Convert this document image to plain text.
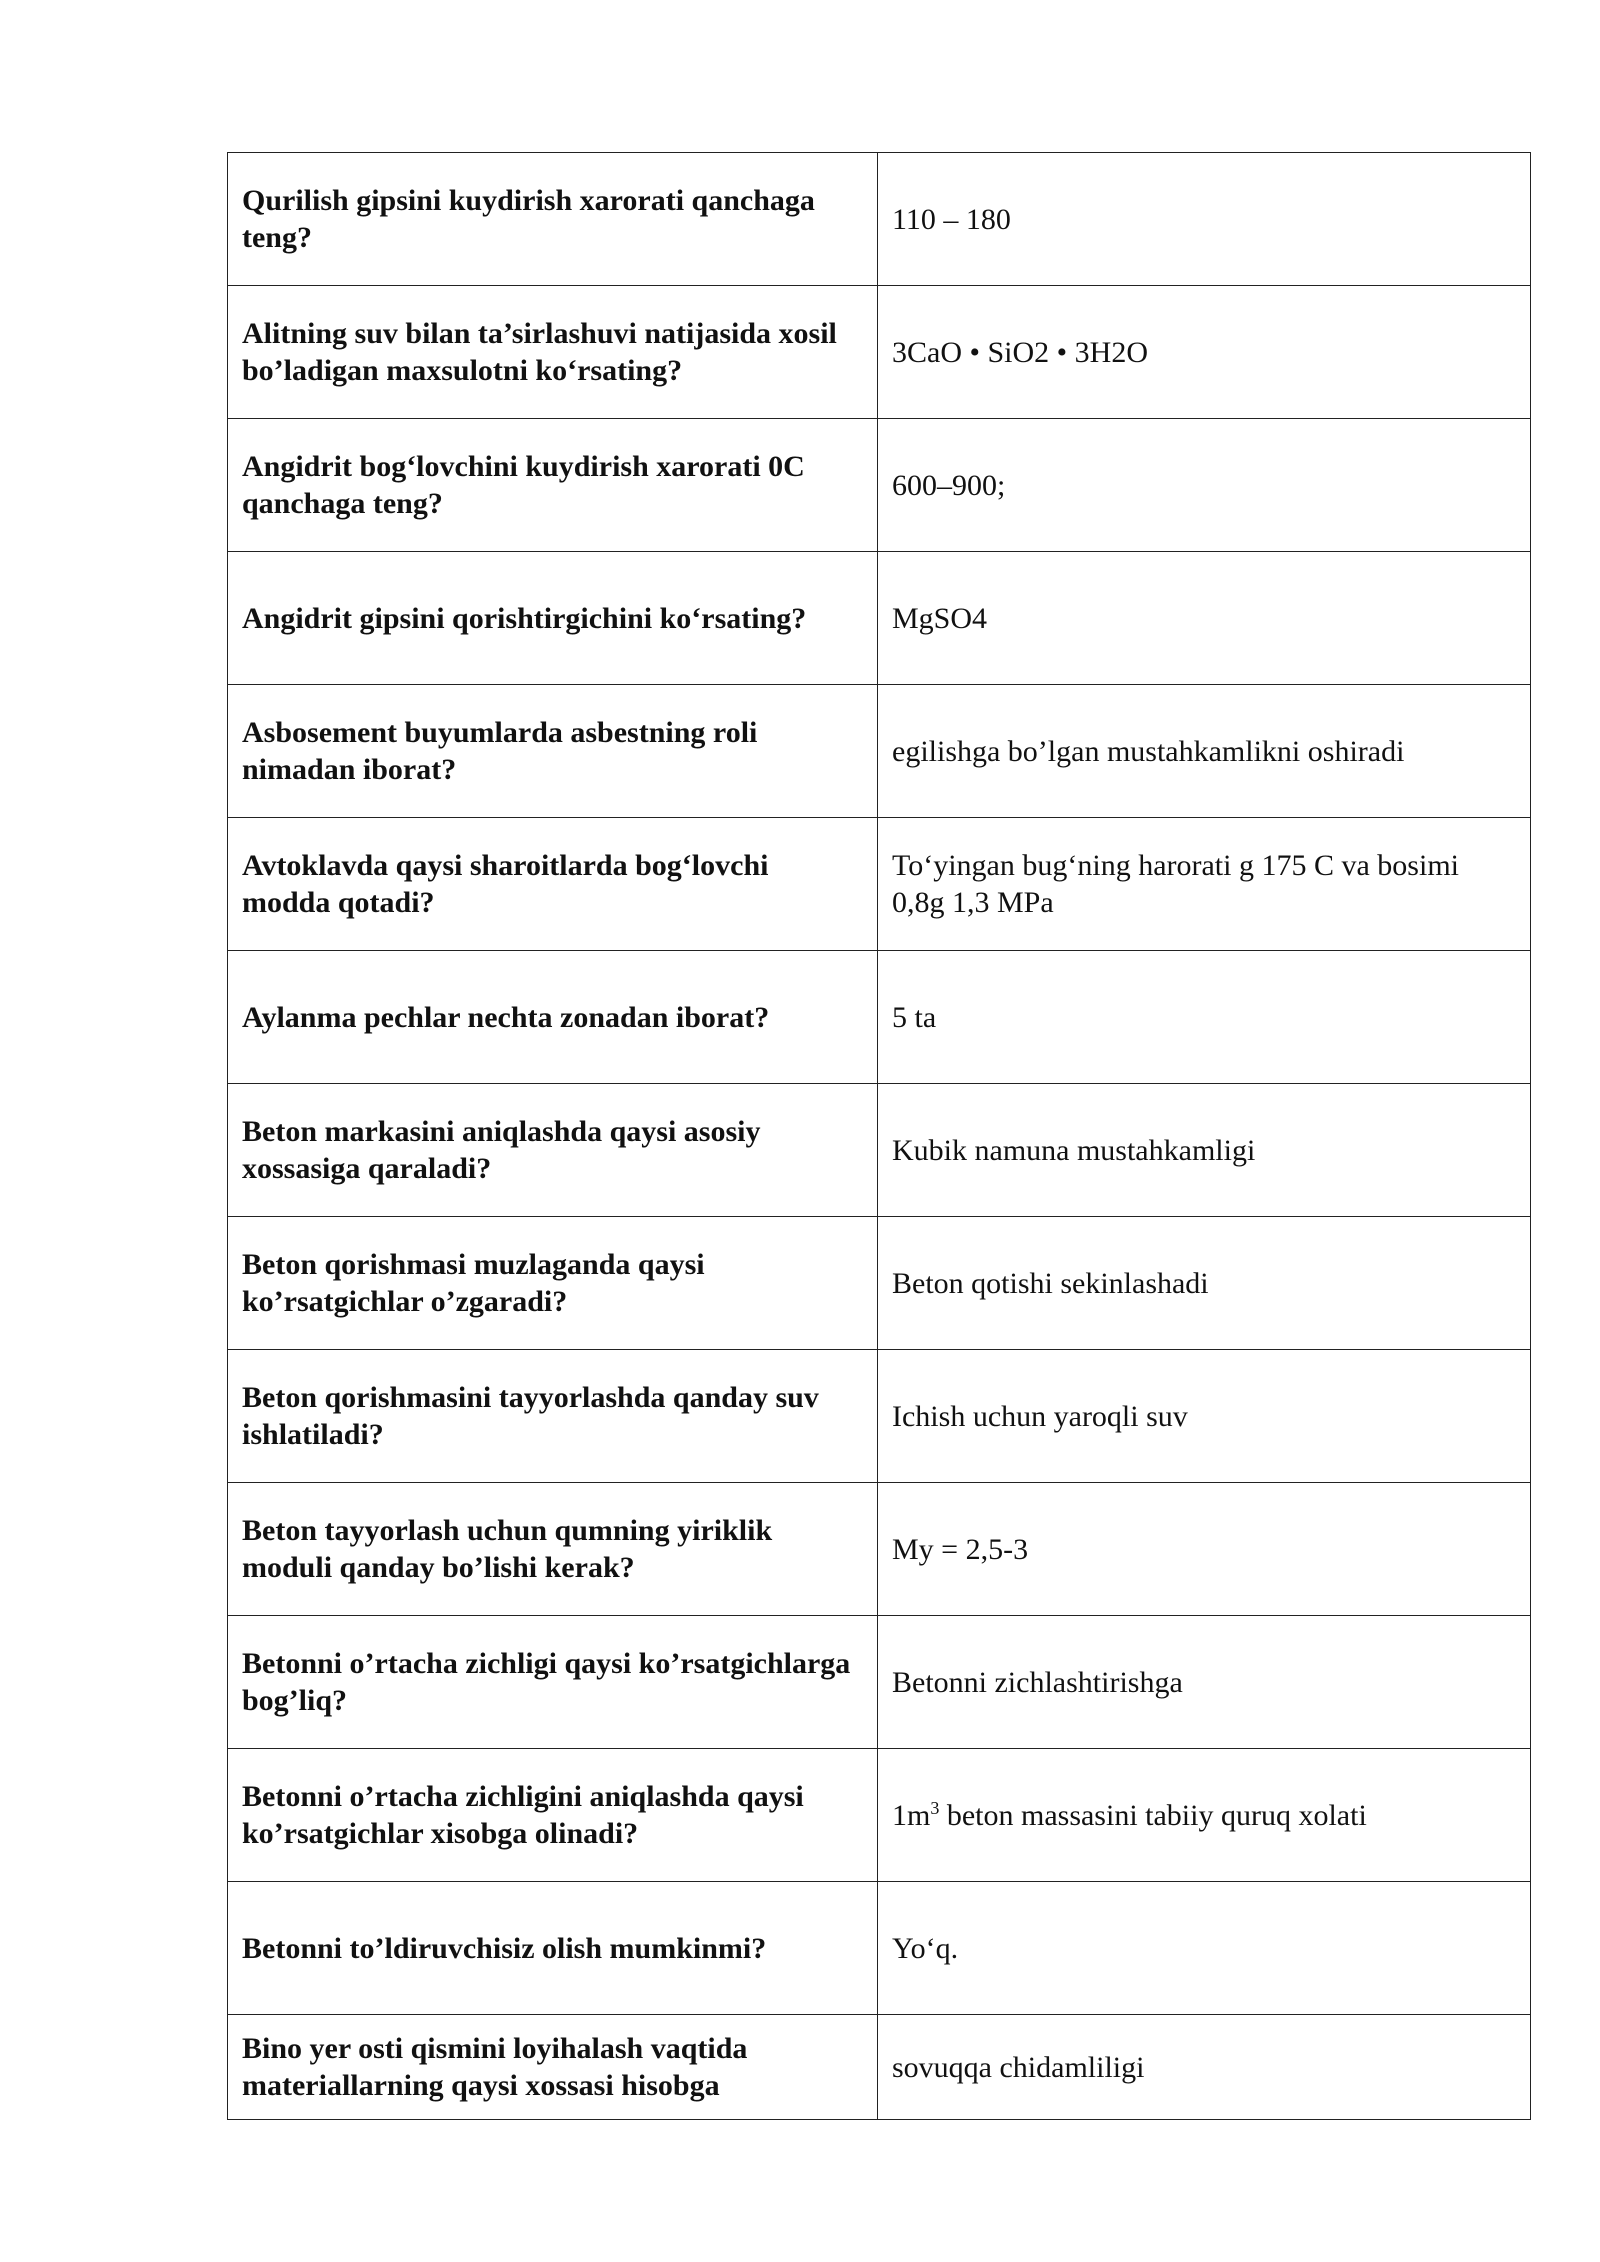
Qurilish gipsini kuydirish xarorati qanchaga teng?	110 – 180
Alitning suv bilan ta’sirlashuvi natijasida xosil bo’ladigan maxsulotni ko‘rsating?	3CaO • SiO2 • 3H2O
Angidrit bog‘lovchini kuydirish xarorati 0C qanchaga teng?	600–900;
Angidrit gipsini qorishtirgichini ko‘rsating?	MgSO4
Asbosement buyumlarda asbestning roli nimadan iborat?	egilishga bo’lgan mustahkamlikni oshiradi
Avtoklavda qaysi sharoitlarda bog‘lovchi modda qotadi?	To‘yingan bug‘ning harorati g 175 C va bosimi 0,8g 1,3 MPa
Aylanma pechlar nechta zonadan iborat?	5 ta
Beton markasini aniqlashda qaysi asosiy xossasiga qaraladi?	Kubik namuna mustahkamligi
Beton qorishmasi muzlaganda qaysi ko’rsatgichlar o’zgaradi?	Beton qotishi sekinlashadi
Beton qorishmasini tayyorlashda qanday suv ishlatiladi?	Ichish uchun yaroqli suv
Beton tayyorlash uchun qumning yiriklik moduli qanday bo’lishi kerak?	My = 2,5-3
Betonni o’rtacha zichligi qaysi ko’rsatgichlarga bog’liq?	Betonni zichlashtirishga
Betonni o’rtacha zichligini aniqlashda qaysi ko’rsatgichlar xisobga olinadi?	$1m^3$ beton massasini tabiiy quruq xolati
Betonni to’ldiruvchisiz olish mumkinmi?	Yo‘q.
Bino yer osti qismini loyihalash vaqtida materiallarning qaysi xossasi hisobga	sovuqqa chidamliligi
